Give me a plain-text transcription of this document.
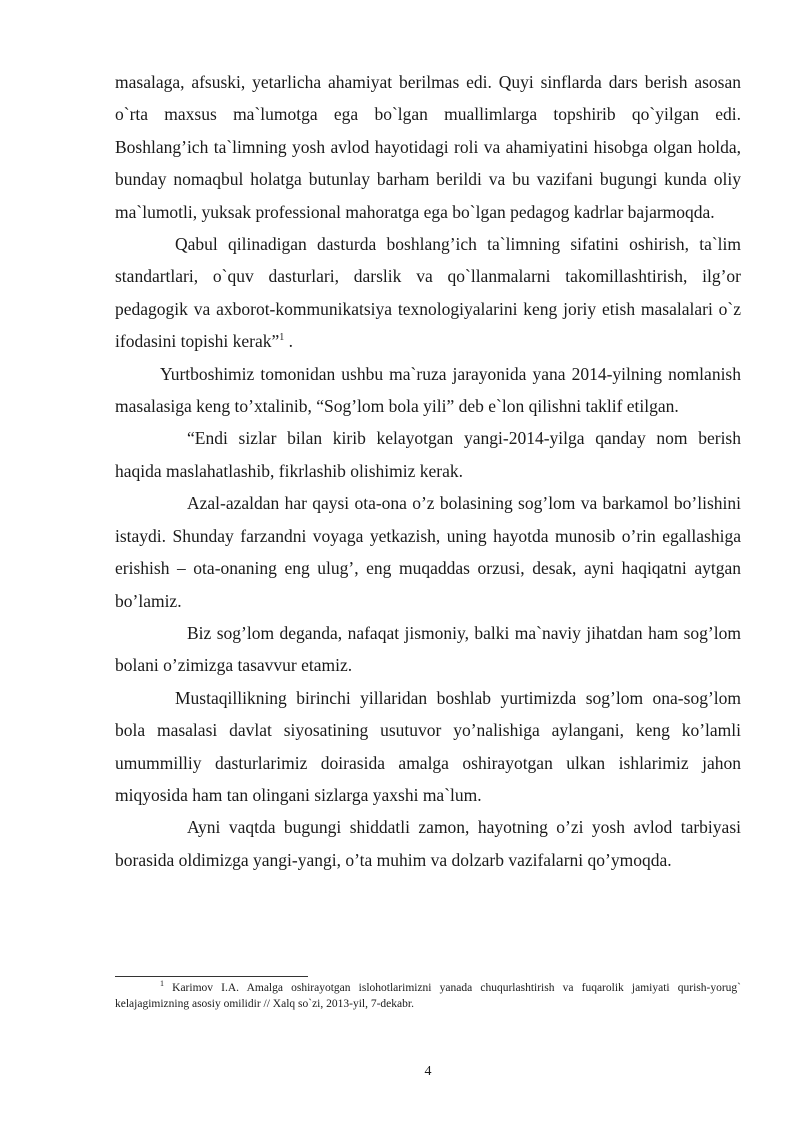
masalaga, afsuski, yetarlicha ahamiyat berilmas edi. Quyi sinflarda dars berish asosan o`rta maxsus ma`lumotga ega bo`lgan muallimlarga topshirib qo`yilgan edi. Boshlang’ich ta`limning yosh avlod hayotidagi roli va ahamiyatini hisobga olgan holda, bunday nomaqbul holatga butunlay barham berildi va bu vazifani bugungi kunda oliy ma`lumotli, yuksak professional mahoratga ega bo`lgan pedagog kadrlar bajarmoqda.

Qabul qilinadigan dasturda boshlang’ich ta`limning sifatini oshirish, ta`lim standartlari, o`quv dasturlari, darslik va qo`llanmalarni takomillashtirish, ilg’or pedagogik va axborot-kommunikatsiya texnologiyalarini keng joriy etish masalalari o`z ifodasini topishi kerak”$^1$ .

Yurtboshimiz tomonidan ushbu ma`ruza jarayonida yana 2014-yilning nomlanish masalasiga keng to’xtalinib, “Sog’lom bola yili” deb e`lon qilishni taklif etilgan.

“Endi sizlar bilan kirib kelayotgan yangi-2014-yilga qanday nom berish haqida maslahatlashib, fikrlashib olishimiz kerak.

Azal-azaldan har qaysi ota-ona o’z bolasining sog’lom va barkamol bo’lishini istaydi. Shunday farzandni voyaga yetkazish, uning hayotda munosib o’rin egallashiga erishish – ota-onaning eng ulug’, eng muqaddas orzusi, desak, ayni haqiqatni aytgan bo’lamiz.

Biz sog’lom deganda, nafaqat jismoniy, balki ma`naviy jihatdan ham sog’lom bolani o’zimizga tasavvur etamiz.

Mustaqillikning birinchi yillaridan boshlab yurtimizda sog’lom ona-sog’lom bola masalasi davlat siyosatining usutuvor yo’nalishiga aylangani, keng ko’lamli umummilliy dasturlarimiz doirasida amalga oshirayotgan ulkan ishlarimiz jahon miqyosida ham tan olingani sizlarga yaxshi ma`lum.

Ayni vaqtda bugungi shiddatli zamon, hayotning o’zi yosh avlod tarbiyasi borasida oldimizga yangi-yangi, o’ta muhim va dolzarb vazifalarni qo’ymoqda.

$^1$ Karimov I.A. Amalga oshirayotgan islohotlarimizni yanada chuqurlashtirish va fuqarolik jamiyati qurish-yorug` kelajagimizning asosiy omilidir // Xalq so`zi, 2013-yil, 7-dekabr.

4
